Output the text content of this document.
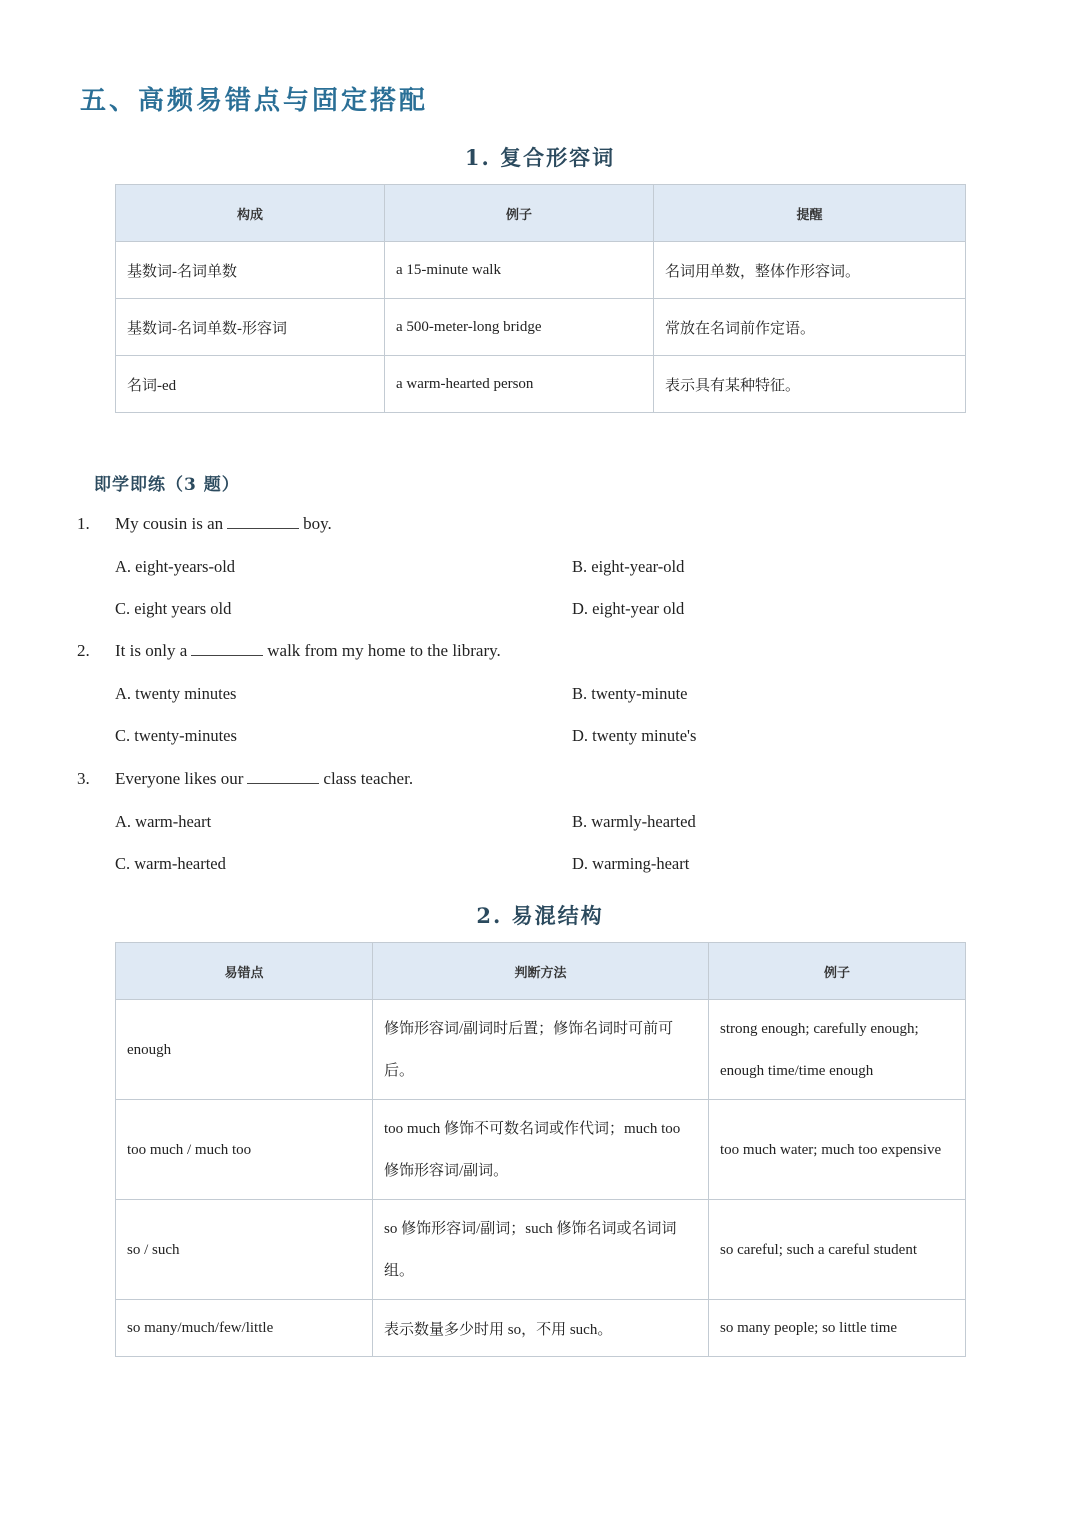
五、高频易错点与固定搭配
1. 复合形容词
构成	例子	提醒
基数词-名词单数	a 15-minute walk	名词用单数，整体作形容词。
基数词-名词单数-形容词	a 500-meter-long bridge	常放在名词前作定语。
名词-ed	a warm-hearted person	表示具有某种特征。
即学即练（3 题）
1. My cousin is an	boy.
A. eight-years-old	B. eight-year-old
C. eight years old	D. eight-year old
2. It is only a	walk from my home to the library.
A. twenty minutes	B. twenty-minute
C. twenty-minutes	D. twenty minute's
3. Everyone likes our	class teacher.
A. warm-heart	B. warmly-hearted
C. warm-hearted	D. warming-heart
2. 易混结构
易错点	判断方法	例子
enough	修饰形容词/副词时后置；修饰名词时可前可后。	strong enough; carefully enough; enough time/time enough
too much / much too	too much 修饰不可数名词或作代词；much too 修饰形容词/副词。	too much water; much too expensive
so / such	so 修饰形容词/副词；such 修饰名词或名词词组。	so careful; such a careful student
so many/much/few/little	表示数量多少时用 so，不用 such。	so many people; so little time
